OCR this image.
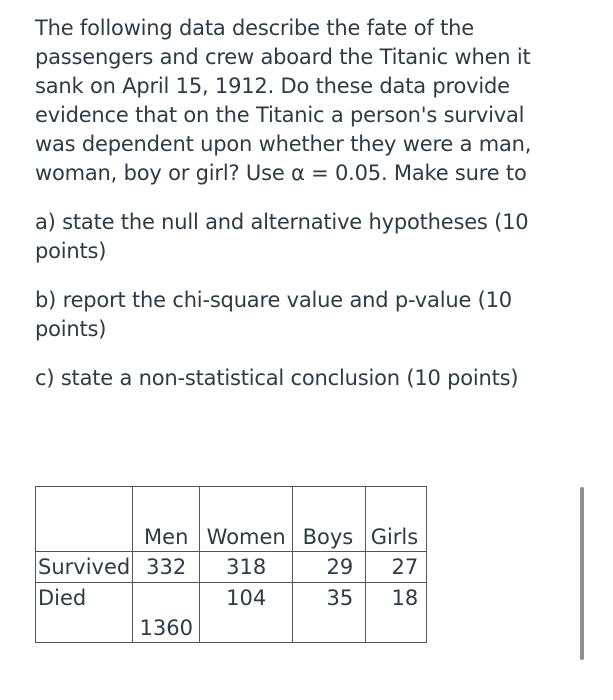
The following data describe the fate of the passengers and crew aboard the Titanic when it sank on April 15, 1912. Do these data provide evidence that on the Titanic a person's survival was dependent upon whether they were a man, woman, boy or girl? Use α = 0.05. Make sure to

a) state the null and alternative hypotheses (10 points)

b) report the chi-square value and p-value (10 points)

c) state a non-statistical conclusion (10 points)

	Men	Women	Boys	Girls
Survived	332	318	29	27
Died	1360	104	35	18
